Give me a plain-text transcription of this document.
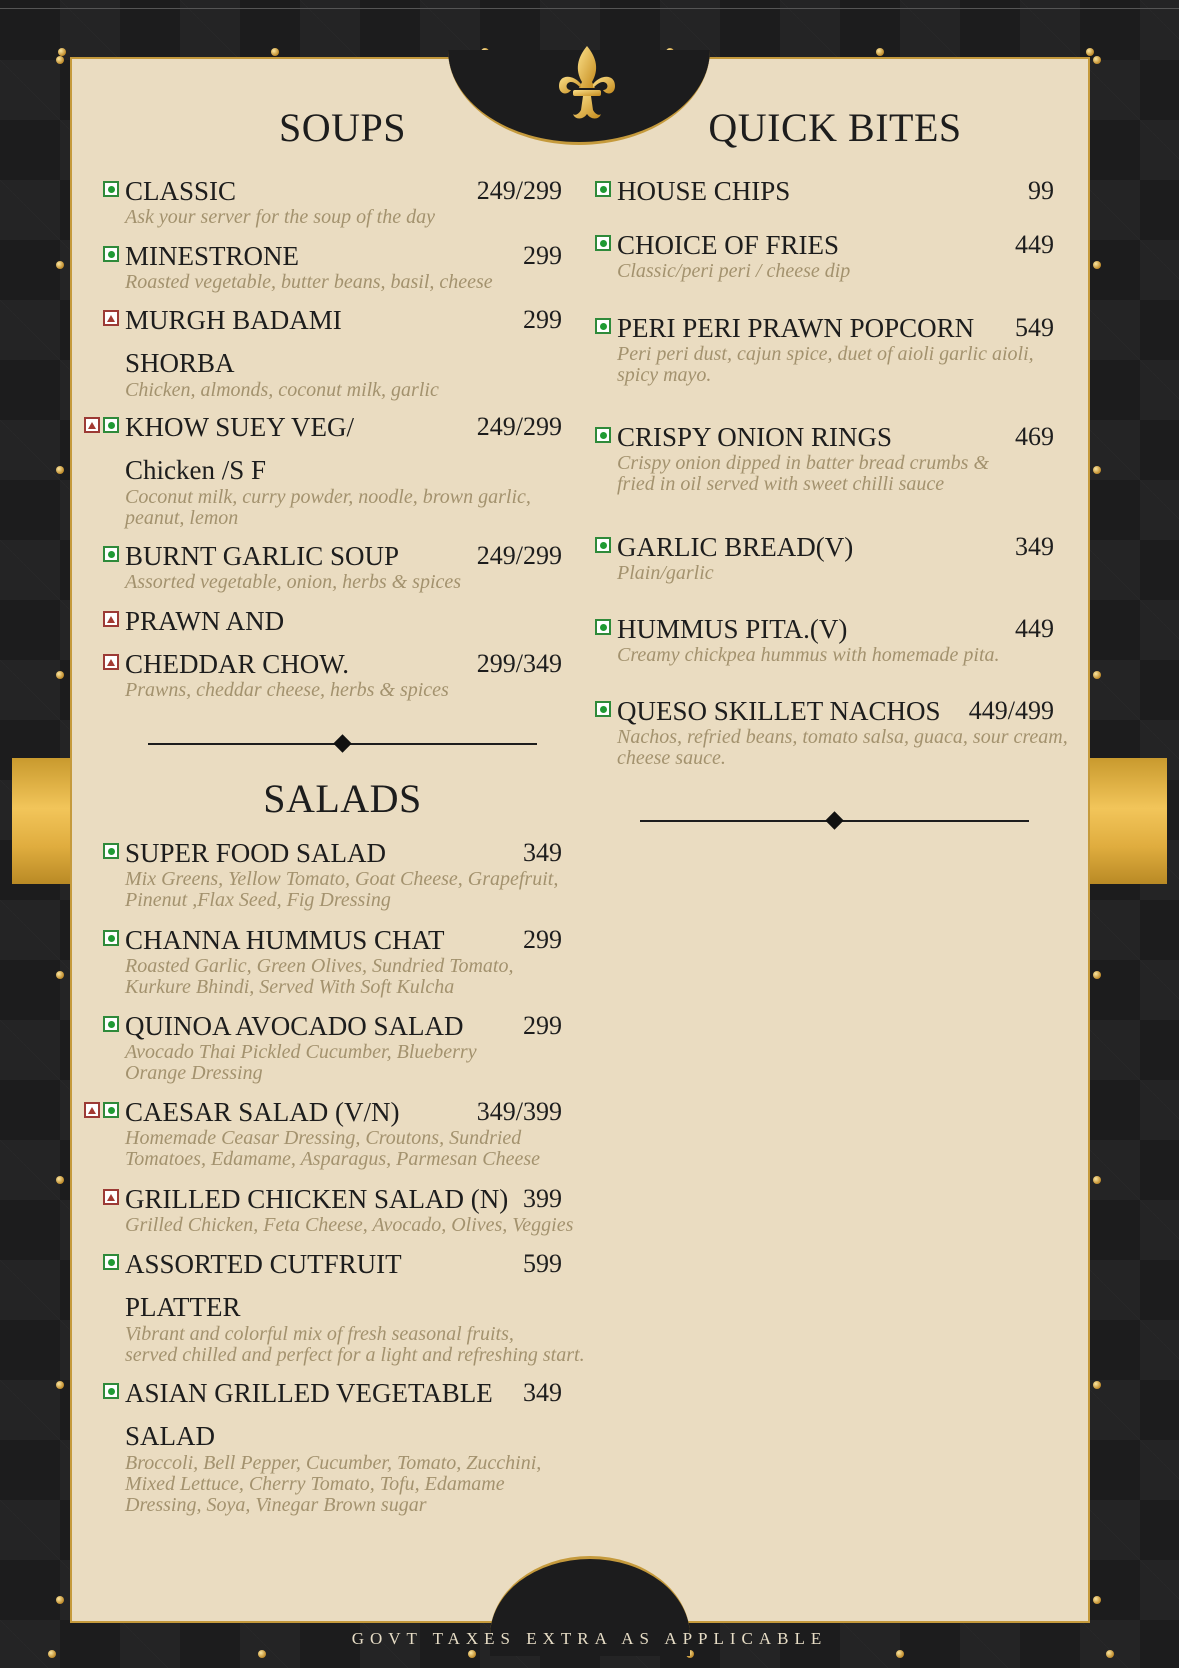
SOUPS
CLASSIC	249/299
Ask your server for the soup of the day
MINESTRONE	299
Roasted vegetable, butter beans, basil, cheese
MURGH BADAMI
SHORBA
299
Chicken, almonds, coconut milk, garlic
KHOW SUEY VEG/
Chicken /S F
249/299
Coconut milk, curry powder, noodle, brown garlic,
peanut, lemon
BURNT GARLIC SOUP	249/299
Assorted vegetable, onion, herbs & spices
PRAWN AND
CHEDDAR CHOW.	299/349
Prawns, cheddar cheese, herbs & spices
SALADS
SUPER FOOD SALAD	349
Mix Greens, Yellow Tomato, Goat Cheese, Grapefruit,
Pinenut ,Flax Seed, Fig Dressing
CHANNA HUMMUS CHAT	299
Roasted Garlic, Green Olives, Sundried Tomato,
Kurkure Bhindi, Served With Soft Kulcha
QUINOA AVOCADO SALAD 299
Avocado Thai Pickled Cucumber, Blueberry
Orange Dressing
CAESAR SALAD (V/N)	349/399
Homemade Ceasar Dressing, Croutons, Sundried
Tomatoes, Edamame, Asparagus, Parmesan Cheese
GRILLED CHICKEN SALAD (N) 399
Grilled Chicken, Feta Cheese, Avocado, Olives, Veggies
ASSORTED CUTFRUIT
PLATTER
599
Vibrant and colorful mix of fresh seasonal fruits,
served chilled and perfect for a light and refreshing start.
ASIAN GRILLED VEGETABLE
SALAD
349
Broccoli, Bell Pepper, Cucumber, Tomato, Zucchini,
Mixed Lettuce, Cherry Tomato, Tofu, Edamame
Dressing, Soya, Vinegar Brown sugar
QUICK BITES
HOUSE CHIPS	99
CHOICE OF FRIES	449
Classic/peri peri / cheese dip
PERI PERI PRAWN POPCORN 549
Peri peri dust, cajun spice, duet of aioli garlic aioli,
spicy mayo.
CRISPY ONION RINGS	469
Crispy onion dipped in batter bread crumbs &
fried in oil served with sweet chilli sauce
GARLIC BREAD(V)	349
Plain/garlic
HUMMUS PITA.(V)	449
Creamy chickpea hummus with homemade pita.
QUESO SKILLET NACHOS 449/499
Nachos, refried beans, tomato salsa, guaca, sour cream,
cheese sauce.
GOVT TAXES EXTRA AS APPLICABLE
